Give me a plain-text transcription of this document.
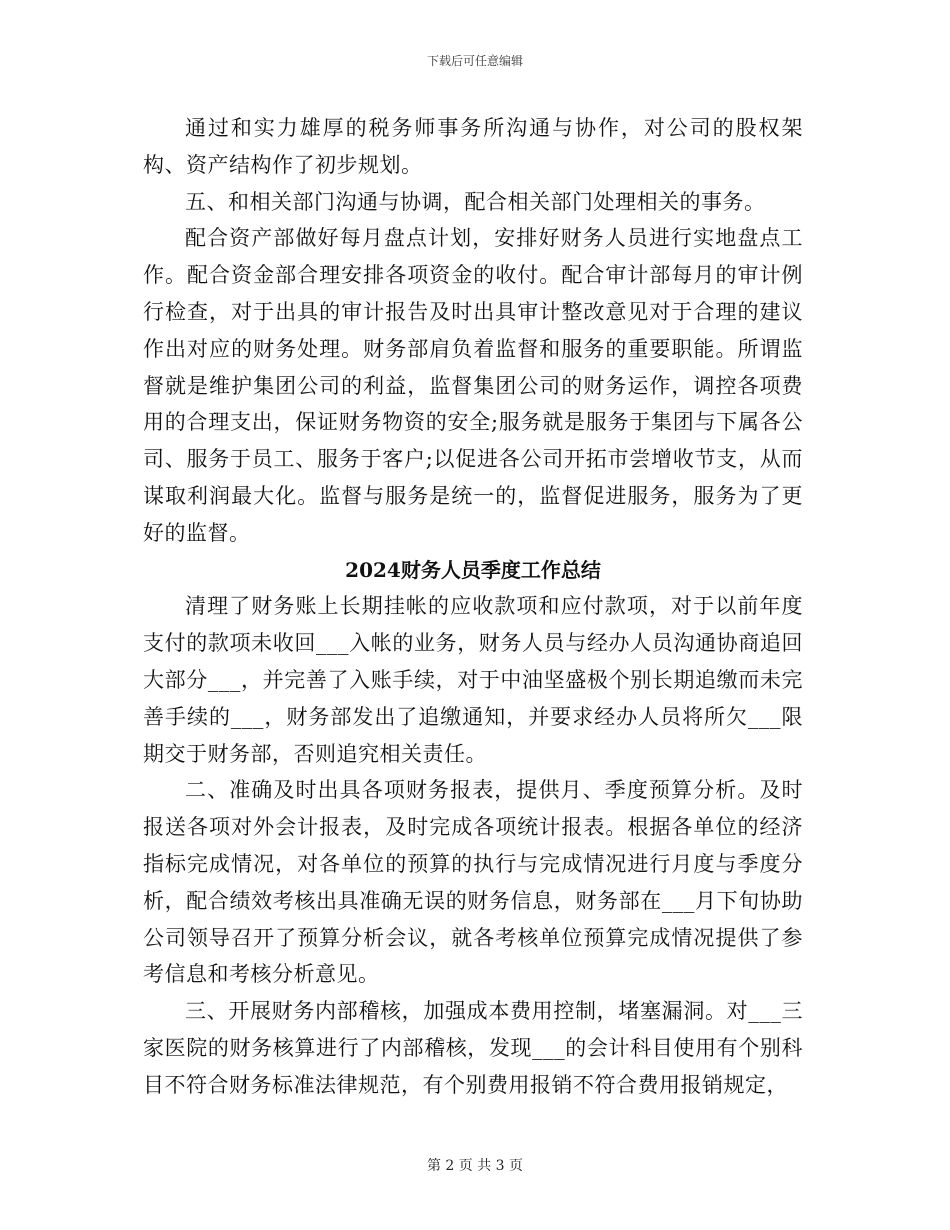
下载后可任意编辑

通过和实力雄厚的税务师事务所沟通与协作，对公司的股权架构、资产结构作了初步规划。

五、和相关部门沟通与协调，配合相关部门处理相关的事务。

配合资产部做好每月盘点计划，安排好财务人员进行实地盘点工作。配合资金部合理安排各项资金的收付。配合审计部每月的审计例行检查，对于出具的审计报告及时出具审计整改意见对于合理的建议作出对应的财务处理。财务部肩负着监督和服务的重要职能。所谓监督就是维护集团公司的利益，监督集团公司的财务运作，调控各项费用的合理支出，保证财务物资的安全;服务就是服务于集团与下属各公司、服务于员工、服务于客户;以促进各公司开拓市尝增收节支，从而谋取利润最大化。监督与服务是统一的，监督促进服务，服务为了更好的监督。

2024财务人员季度工作总结

清理了财务账上长期挂帐的应收款项和应付款项，对于以前年度支付的款项未收回___入帐的业务，财务人员与经办人员沟通协商追回大部分___，并完善了入账手续，对于中油坚盛极个别长期追缴而未完善手续的___，财务部发出了追缴通知，并要求经办人员将所欠___限期交于财务部，否则追究相关责任。

二、准确及时出具各项财务报表，提供月、季度预算分析。及时报送各项对外会计报表，及时完成各项统计报表。根据各单位的经济指标完成情况，对各单位的预算的执行与完成情况进行月度与季度分析，配合绩效考核出具准确无误的财务信息，财务部在___月下旬协助公司领导召开了预算分析会议，就各考核单位预算完成情况提供了参考信息和考核分析意见。

三、开展财务内部稽核，加强成本费用控制，堵塞漏洞。对___三家医院的财务核算进行了内部稽核，发现___的会计科目使用有个别科目不符合财务标准法律规范，有个别费用报销不符合费用报销规定，

第 2 页 共 3 页
